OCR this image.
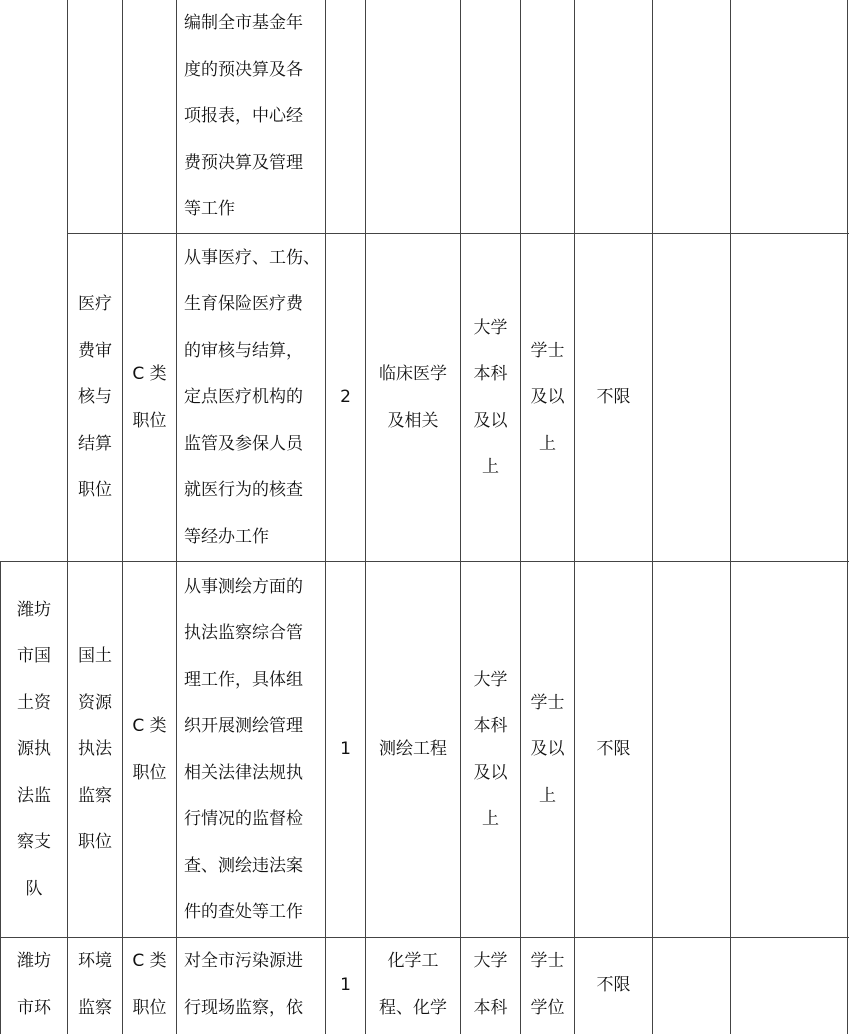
编制全市基金年
度的预决算及各
项报表，中心经
费预决算及管理
等工作
医疗
费审
核与
结算
职位
C 类
职位
从事医疗、工伤、
生育保险医疗费
的审核与结算，
定点医疗机构的
监管及参保人员
就医行为的核查
等经办工作
2
临床医学
及相关
大学
本科
及以
上
学士
及以
上
不限
潍坊
市国
土资
源执
法监
察支
队
国土
资源
执法
监察
职位
C 类
职位
从事测绘方面的
执法监察综合管
理工作，具体组
织开展测绘管理
相关法律法规执
行情况的监督检
查、测绘违法案
件的查处等工作
1 测绘工程
大学
本科
及以
上
学士
及以
上
不限
潍坊
市环
环境
监察
C 类
职位
对全市污染源进
行现场监察，依
1
化学工
程、化学
大学
本科
学士
学位
不限
